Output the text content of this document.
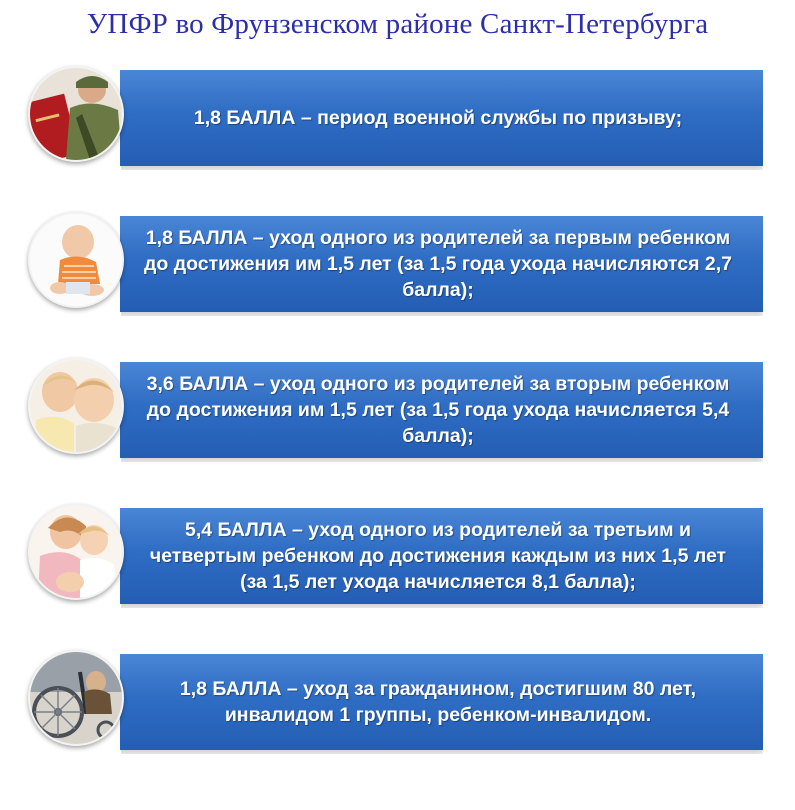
УПФР во Фрунзенском районе Санкт-Петербурга
1,8 БАЛЛА – период военной службы по призыву;
1,8 БАЛЛА – уход одного из родителей за первым ребенком до достижения им 1,5 лет (за 1,5 года ухода начисляются 2,7 балла);
3,6 БАЛЛА – уход одного из родителей за вторым ребенком до достижения им 1,5 лет (за 1,5 года ухода начисляется 5,4 балла);
5,4 БАЛЛА – уход одного из родителей за третьим и четвертым ребенком до достижения каждым из них 1,5 лет (за 1,5 лет ухода начисляется 8,1 балла);
1,8 БАЛЛА – уход за гражданином, достигшим 80 лет, инвалидом 1 группы, ребенком-инвалидом.
